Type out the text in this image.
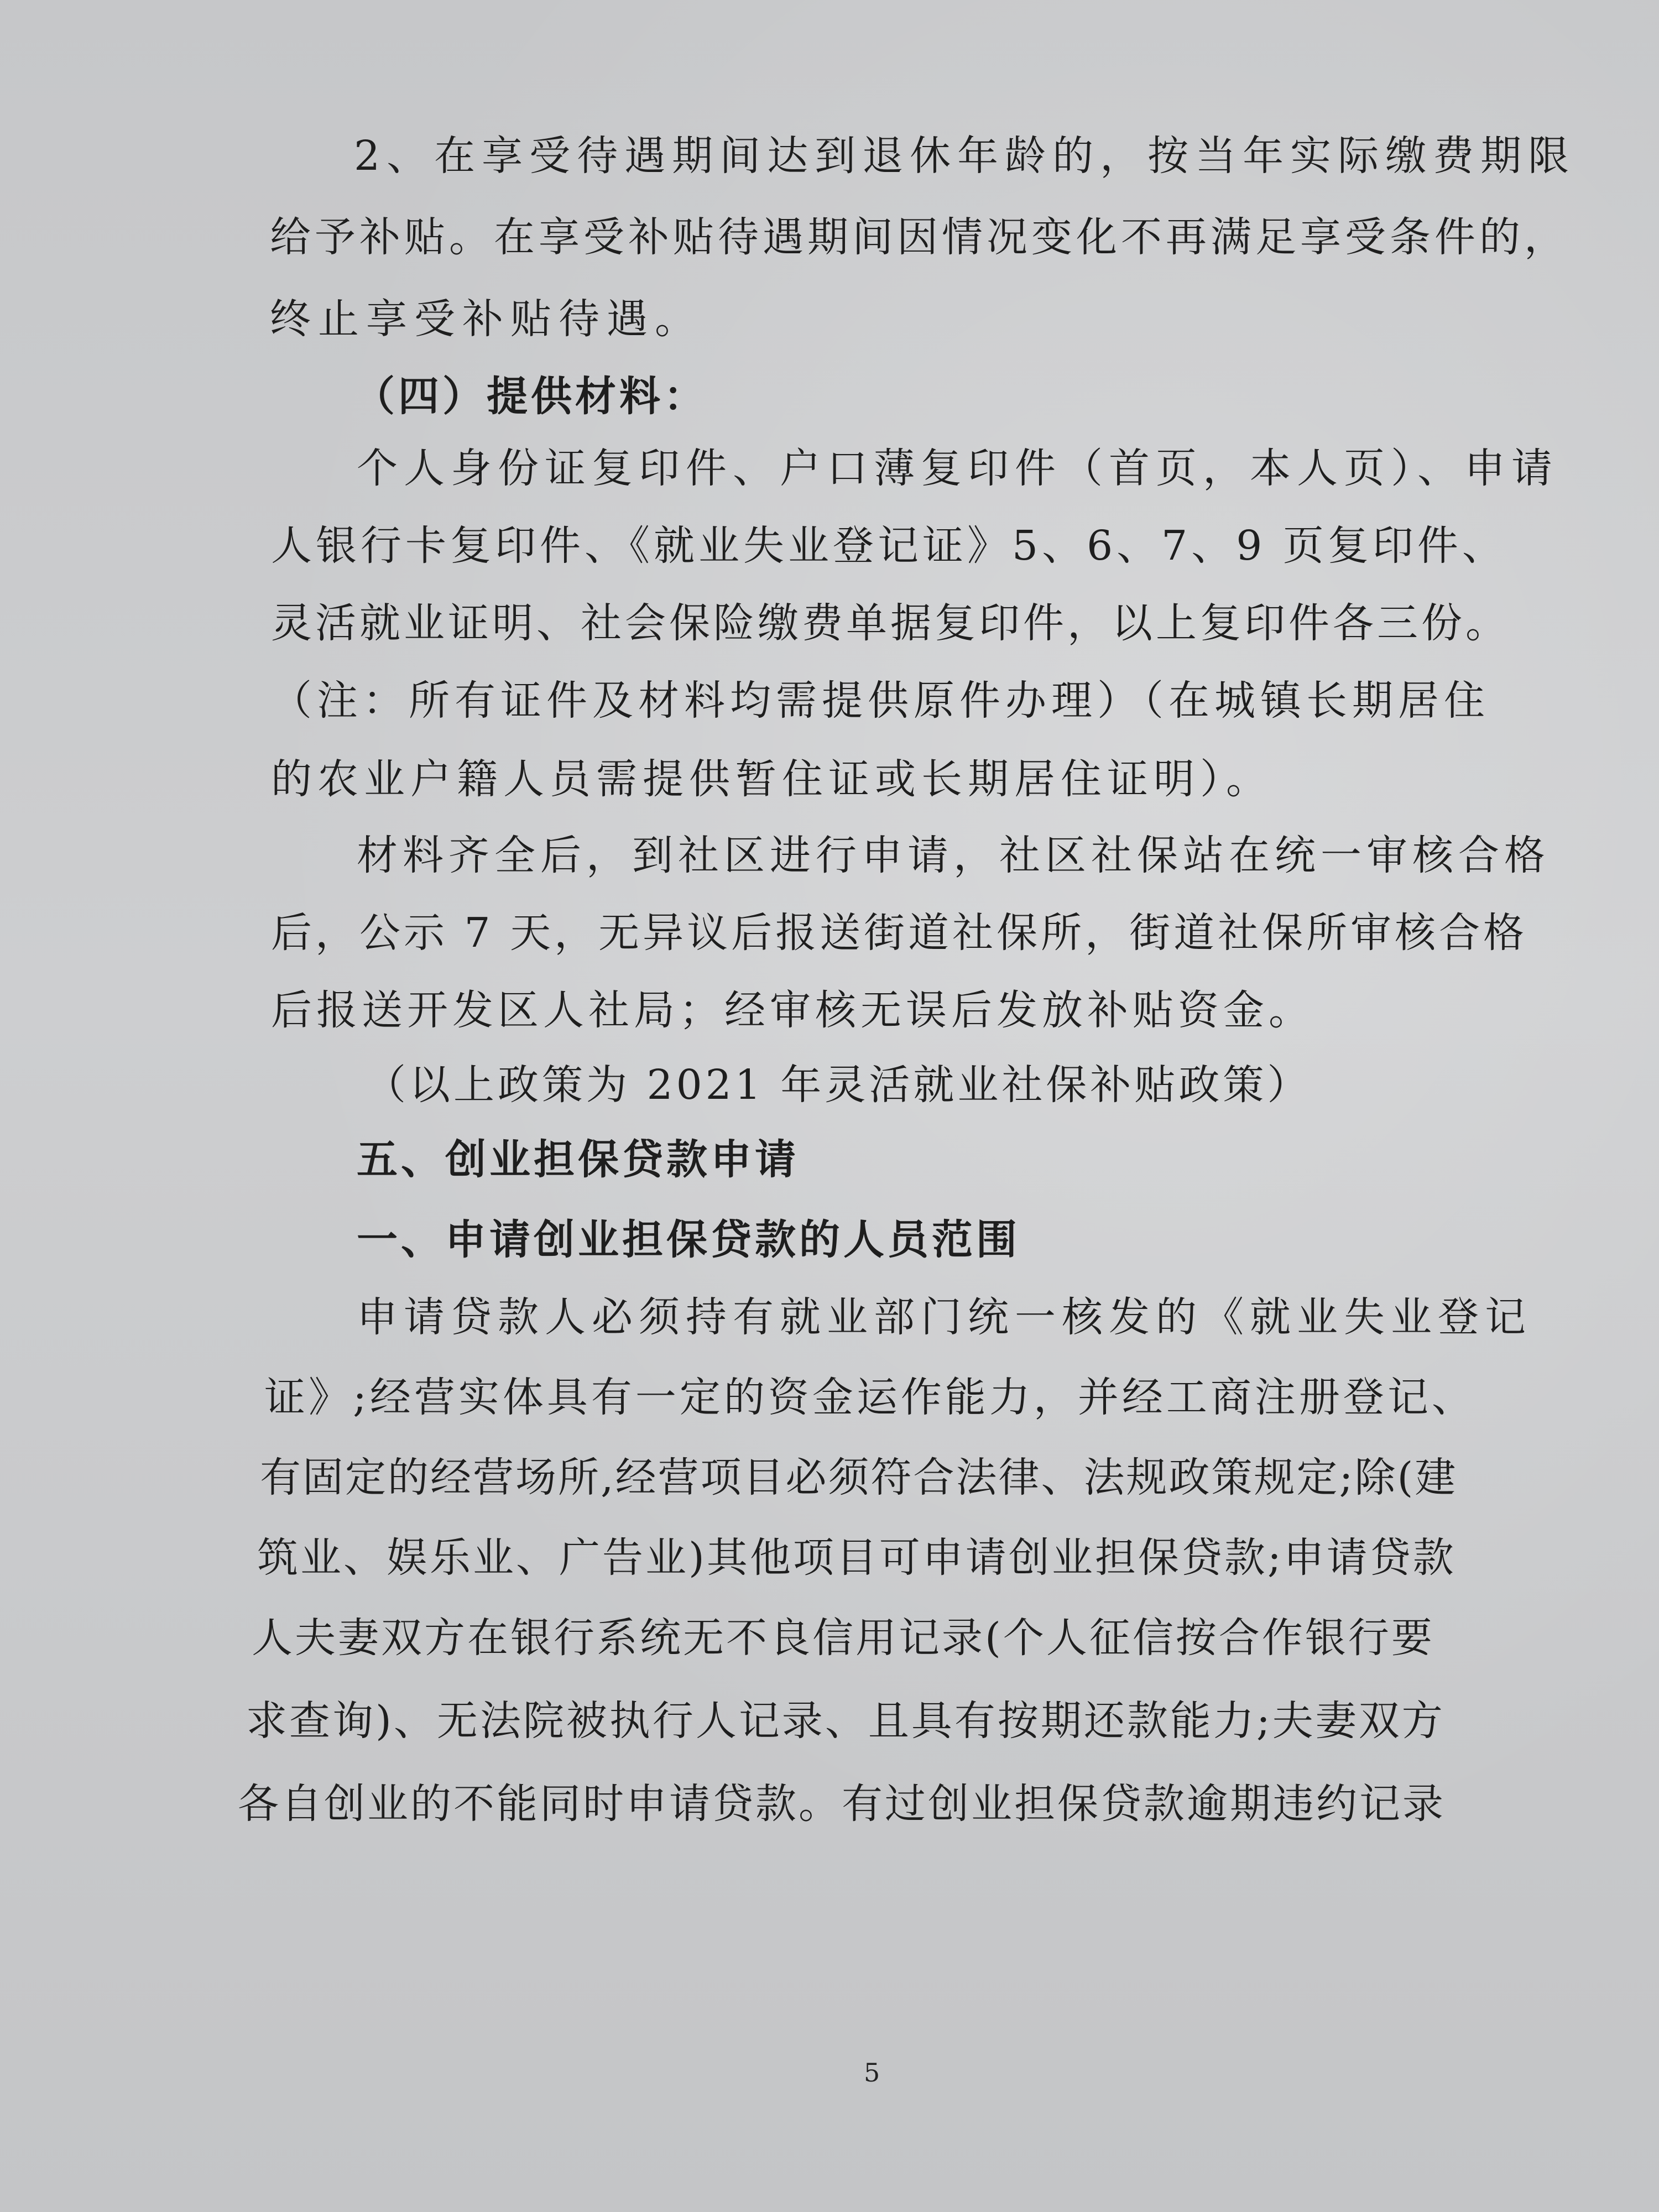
2、在享受待遇期间达到退休年龄的，按当年实际缴费期限
给予补贴。在享受补贴待遇期间因情况变化不再满足享受条件的，
终止享受补贴待遇。
（四）提供材料：
个人身份证复印件、户口薄复印件（首页，本人页）、申请
人银行卡复印件、《就业失业登记证》5、6、7、9 页复印件、
灵活就业证明、社会保险缴费单据复印件，以上复印件各三份。
（注：所有证件及材料均需提供原件办理）（在城镇长期居住
的农业户籍人员需提供暂住证或长期居住证明）。
材料齐全后，到社区进行申请，社区社保站在统一审核合格
后，公示 7 天，无异议后报送街道社保所，街道社保所审核合格
后报送开发区人社局；经审核无误后发放补贴资金。
（以上政策为 2021 年灵活就业社保补贴政策）
五、创业担保贷款申请
一、申请创业担保贷款的人员范围
申请贷款人必须持有就业部门统一核发的《就业失业登记
证》;经营实体具有一定的资金运作能力，并经工商注册登记、
有固定的经营场所,经营项目必须符合法律、法规政策规定;除(建
筑业、娱乐业、广告业)其他项目可申请创业担保贷款;申请贷款
人夫妻双方在银行系统无不良信用记录(个人征信按合作银行要
求查询)、无法院被执行人记录、且具有按期还款能力;夫妻双方
各自创业的不能同时申请贷款。有过创业担保贷款逾期违约记录
5
